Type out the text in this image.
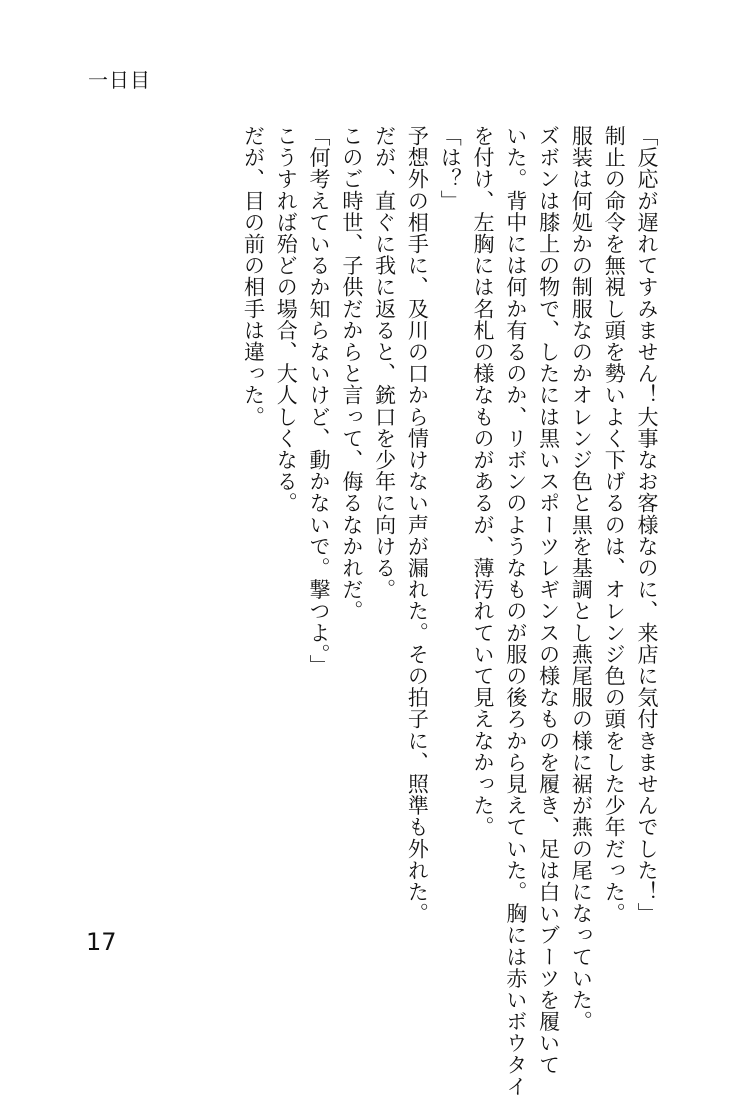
一日目
「反応が遅れてすみません！大事なお客様なのに、来店に気付きませんでした！」
制止の命令を無視し頭を勢いよく下げるのは、オレンジ色の頭をした少年だった。
服装は何処かの制服なのかオレンジ色と黒を基調とし燕尾服の様に裾が燕の尾になっていた。
ズボンは膝上の物で、したには黒いスポーツレギンスの様なものを履き、足は白いブーツを履いて
いた。背中には何か有るのか、リボンのようなものが服の後ろから見えていた。胸には赤いボウタイ
を付け、左胸には名札の様なものがあるが、薄汚れていて見えなかった。
「は？」
予想外の相手に、及川の口から情けない声が漏れた。その拍子に、照準も外れた。
だが、直ぐに我に返ると、銃口を少年に向ける。
このご時世、子供だからと言って、侮るなかれだ。
「何考えているか知らないけど、動かないで。撃つよ。」
こうすれば殆どの場合、大人しくなる。
だが、目の前の相手は違った。
17
